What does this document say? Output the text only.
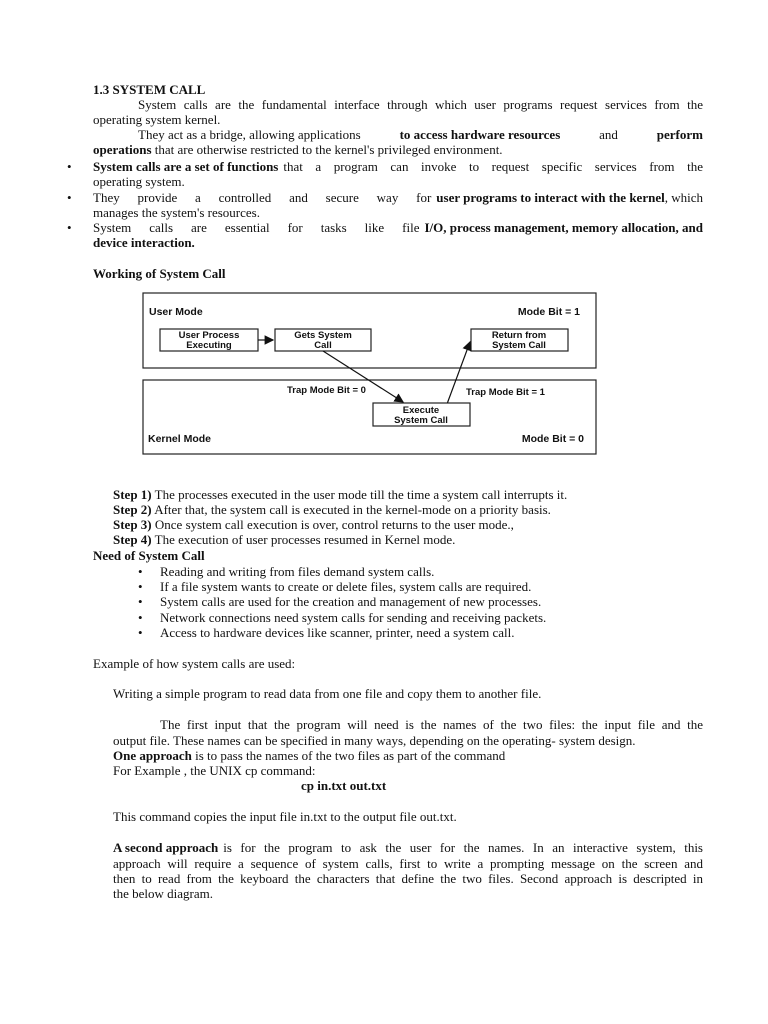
1.3 SYSTEM CALL
System calls are the fundamental interface through which user programs request services from the
operating system kernel.
They act as a bridge, allowing applications	to access hardware resources	and	perform
operations that are otherwise restricted to the kernel's privileged environment.
•
System calls are a set of functions that a program can invoke to request specific services from the
operating system.
•
They provide a controlled and secure way for user programs to interact with the kernel , which
manages the system's resources.
•
System calls are essential for tasks like file I/O, process management, memory allocation, and
device interaction.
Working of System Call
User Mode	Mode Bit = 1
User Process
Executing
Gets System
Call
Return from
System Call
Trap Mode Bit = 0	Trap Mode Bit = 1
Execute
System Call
Kernel Mode	Mode Bit = 0
Step 1) The processes executed in the user mode till the time a system call interrupts it.
Step 2) After that, the system call is executed in the kernel-mode on a priority basis.
Step 3) Once system call execution is over, control returns to the user mode.,
Step 4) The execution of user processes resumed in Kernel mode.
Need of System Call
•
Reading and writing from files demand system calls.
•
If a file system wants to create or delete files, system calls are required.
•
System calls are used for the creation and management of new processes.
•
Network connections need system calls for sending and receiving packets.
•
Access to hardware devices like scanner, printer, need a system call.
Example of how system calls are used:
Writing a simple program to read data from one file and copy them to another file.
The first input that the program will need is the names of the two files: the input file and the
output file. These names can be specified in many ways, depending on the operating- system design.
One approach is to pass the names of the two files as part of the command
For Example , the UNIX cp command:
cp in.txt out.txt
This command copies the input file in.txt to the output file out.txt.
A second approach is for the program to ask the user for the names. In an interactive system, this
approach will require a sequence of system calls, first to write a prompting message on the screen and
then to read from the keyboard the characters that define the two files. Second approach is descripted in
the below diagram.
